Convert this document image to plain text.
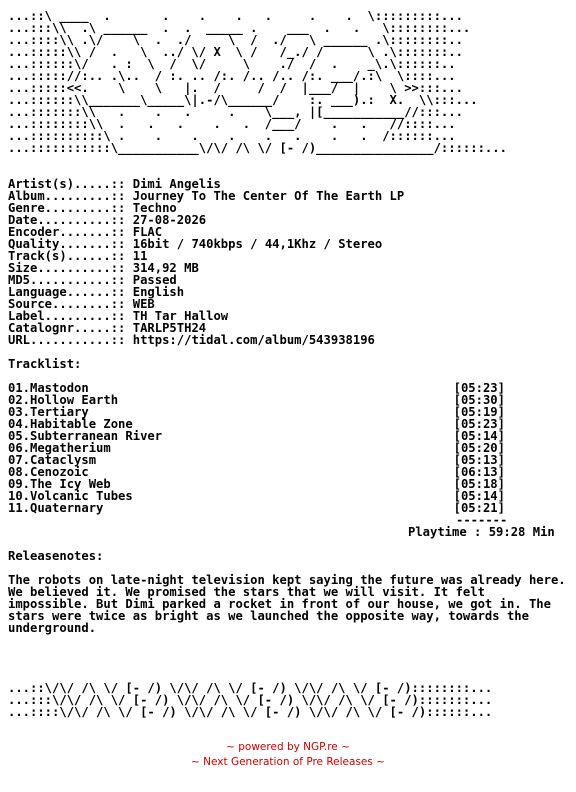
...::\ ____  .       .    .    .   .     .    .  \:::::::::...
...:::\\  .\ ______  .  .  _____ .    ___  .   .   \::::::::...
...::::\\ .\/    \  .  ./     \  /  ./   \ ______ .\::::::::..
...:::::\\ /  .   \  ../ \/ X  \ /   /_./ /      \ .\:::::::..
...::::::\/   . :  \  /  \/     \    ./  /  .    _\.\::::::..
...::::://:.. .\..  / :. .. /:. /.. /.. /:. ___/.:\  \::::...
...:::::<<.    \    \   |.  /     /  /  |___/  |    \ >>:::...
...::::::\\_______\_____\|.-/\______/    :. ___).:  X.  \\:::...
...:::::::\\   .    .   .     .    \___, |[___________//:::...
...::::::::\\  .   .   .    .   .  /___/    .   .   //::::...
...::::::::::\ .    .    .    .    .   .    .   .  /::::::...
...:::::::::::\___________\/\/ /\ \/ [- /)________________/::::::...
Artist(s).....:: Dimi Angelis
Album.........:: Journey To The Center Of The Earth LP
Genre.........:: Techno
Date..........:: 27-08-2026
Encoder.......:: FLAC
Quality.......:: 16bit / 740kbps / 44,1Khz / Stereo
Track(s)......:: 11
Size..........:: 314,92 MB
MD5...........:: Passed
Language......:: English
Source........:: WEB
Label.........:: TH Tar Hallow
Catalognr.....:: TARLP5TH24
URL...........:: https://tidal.com/album/543938196
Tracklist:
01.Mastodon	[05:23]
02.Hollow Earth	[05:30]
03.Tertiary	[05:19]
04.Habitable Zone	[05:23]
05.Subterranean River	[05:14]
06.Megatherium	[05:20]
07.Cataclysm	[05:13]
08.Cenozoic	[06:13]
09.The Icy Web	[05:18]
10.Volcanic Tubes	[05:14]
11.Quaternary	[05:21]
-------
Playtime : 59:28 Min
Releasenotes:
The robots on late-night television kept saying the future was already here. We believed it. We promised the stars that we will visit. It felt impossible. But Dimi parked a rocket in front of our house, we got in. The stars were twice as bright as we launched the opposite way, towards the underground.
...::\/\/ /\ \/ [- /) \/\/ /\ \/ [- /) \/\/ /\ \/ [- /)::::::::...
...:::\/\/ /\ \/ [- /) \/\/ /\ \/ [- /) \/\/ /\ \/ [- /):::::::...
...::::\/\/ /\ \/ [- /) \/\/ /\ \/ [- /) \/\/ /\ \/ [- /)::::::...
~ powered by NGP.re ~
~ Next Generation of Pre Releases ~
